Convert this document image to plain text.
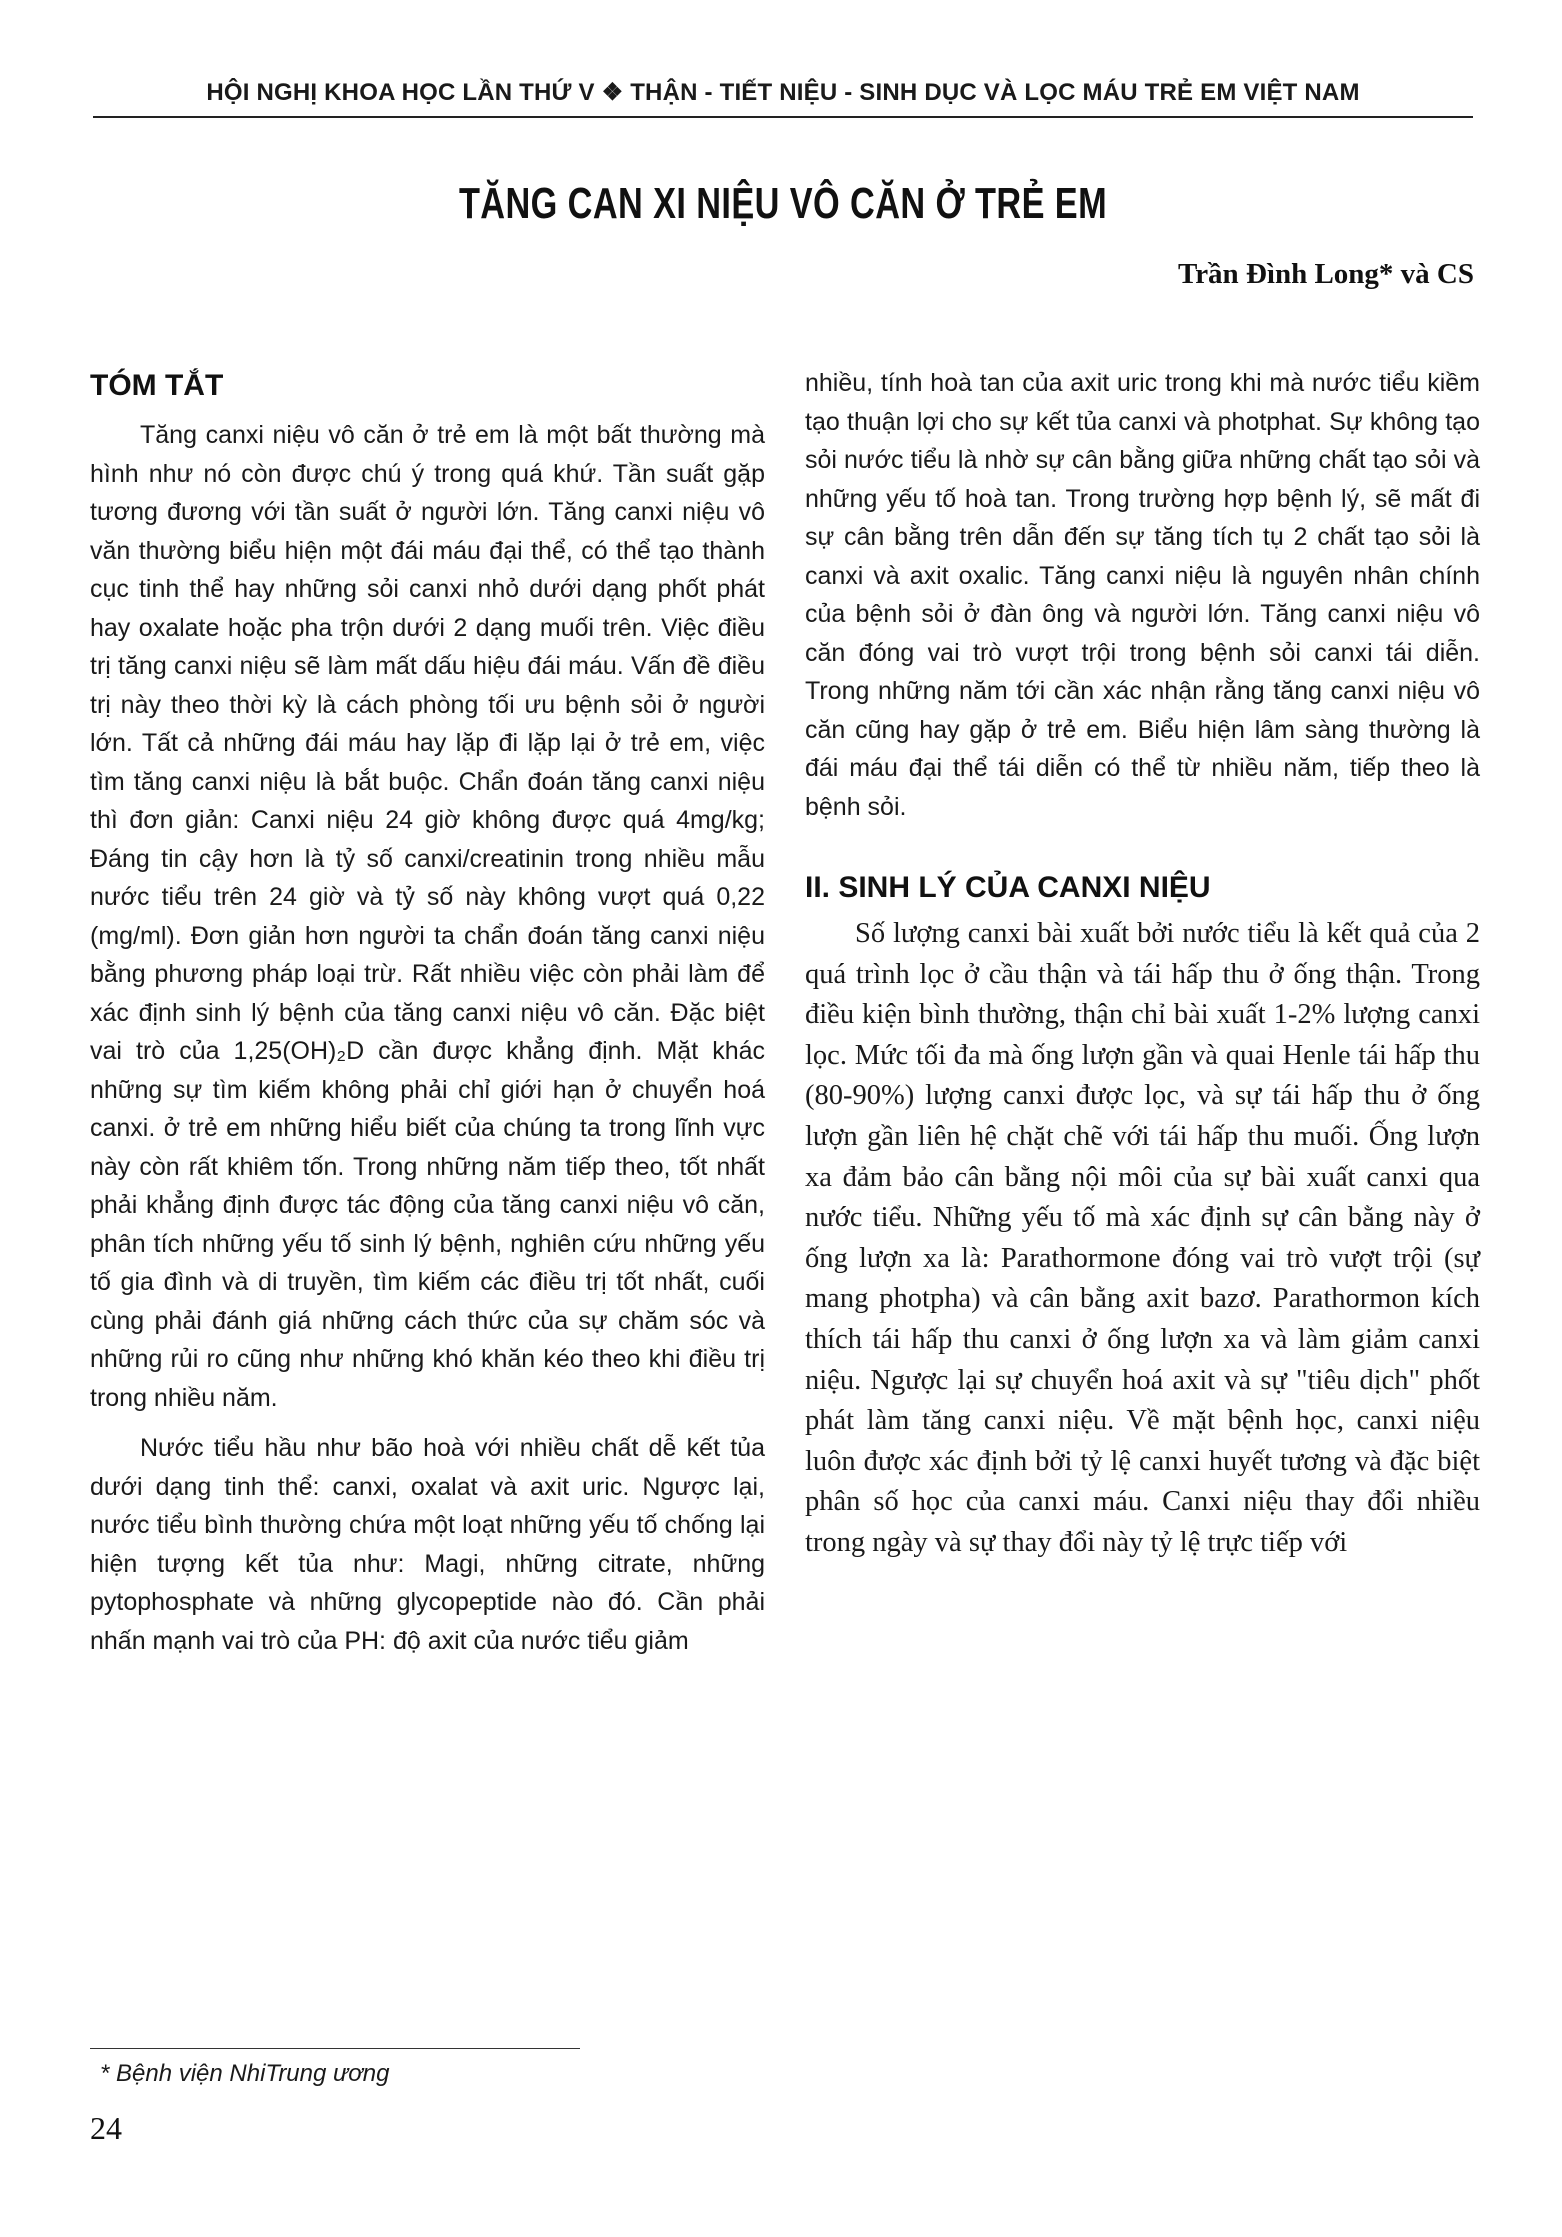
HỘI NGHỊ KHOA HỌC LẦN THỨ V ❖ THẬN - TIẾT NIỆU - SINH DỤC VÀ LỌC MÁU TRẺ EM VIỆT NAM
TĂNG CAN XI NIỆU VÔ CĂN Ở TRẺ EM
Trần Đình Long* và CS
TÓM TẮT

Tăng canxi niệu vô căn ở trẻ em là một bất thường mà hình như nó còn được chú ý trong quá khứ. Tần suất gặp tương đương với tần suất ở người lớn. Tăng canxi niệu vô văn thường biểu hiện một đái máu đại thể, có thể tạo thành cục tinh thể hay những sỏi canxi nhỏ dưới dạng phốt phát hay oxalate hoặc pha trộn dưới 2 dạng muối trên. Việc điều trị tăng canxi niệu sẽ làm mất dấu hiệu đái máu. Vấn đề điều trị này theo thời kỳ là cách phòng tối ưu bệnh sỏi ở người lớn. Tất cả những đái máu hay lặp đi lặp lại ở trẻ em, việc tìm tăng canxi niệu là bắt buộc. Chẩn đoán tăng canxi niệu thì đơn giản: Canxi niệu 24 giờ không được quá 4mg/kg; Đáng tin cậy hơn là tỷ số canxi/creatinin trong nhiều mẫu nước tiểu trên 24 giờ và tỷ số này không vượt quá 0,22 (mg/ml). Đơn giản hơn người ta chẩn đoán tăng canxi niệu bằng phương pháp loại trừ. Rất nhiều việc còn phải làm để xác định sinh lý bệnh của tăng canxi niệu vô căn. Đặc biệt vai trò của 1,25(OH)₂D cần được khẳng định. Mặt khác những sự tìm kiếm không phải chỉ giới hạn ở chuyển hoá canxi. ở trẻ em những hiểu biết của chúng ta trong lĩnh vực này còn rất khiêm tốn. Trong những năm tiếp theo, tốt nhất phải khẳng định được tác động của tăng canxi niệu vô căn, phân tích những yếu tố sinh lý bệnh, nghiên cứu những yếu tố gia đình và di truyền, tìm kiếm các điều trị tốt nhất, cuối cùng phải đánh giá những cách thức của sự chăm sóc và những rủi ro cũng như những khó khăn kéo theo khi điều trị trong nhiều năm.

Nước tiểu hầu như bão hoà với nhiều chất dễ kết tủa dưới dạng tinh thể: canxi, oxalat và axit uric. Ngược lại, nước tiểu bình thường chứa một loạt những yếu tố chống lại hiện tượng kết tủa như: Magi, những citrate, những pytophosphate và những glycopeptide nào đó. Cần phải nhấn mạnh vai trò của PH: độ axit của nước tiểu giảm

nhiều, tính hoà tan của axit uric trong khi mà nước tiểu kiềm tạo thuận lợi cho sự kết tủa canxi và photphat. Sự không tạo sỏi nước tiểu là nhờ sự cân bằng giữa những chất tạo sỏi và những yếu tố hoà tan. Trong trường hợp bệnh lý, sẽ mất đi sự cân bằng trên dẫn đến sự tăng tích tụ 2 chất tạo sỏi là canxi và axit oxalic. Tăng canxi niệu là nguyên nhân chính của bệnh sỏi ở đàn ông và người lớn. Tăng canxi niệu vô căn đóng vai trò vượt trội trong bệnh sỏi canxi tái diễn. Trong những năm tới cần xác nhận rằng tăng canxi niệu vô căn cũng hay gặp ở trẻ em. Biểu hiện lâm sàng thường là đái máu đại thể tái diễn có thể từ nhiều năm, tiếp theo là bệnh sỏi.

II. SINH LÝ CỦA CANXI NIỆU

Số lượng canxi bài xuất bởi nước tiểu là kết quả của 2 quá trình lọc ở cầu thận và tái hấp thu ở ống thận. Trong điều kiện bình thường, thận chỉ bài xuất 1-2% lượng canxi lọc. Mức tối đa mà ống lượn gần và quai Henle tái hấp thu (80-90%) lượng canxi được lọc, và sự tái hấp thu ở ống lượn gần liên hệ chặt chẽ với tái hấp thu muối. Ống lượn xa đảm bảo cân bằng nội môi của sự bài xuất canxi qua nước tiểu. Những yếu tố mà xác định sự cân bằng này ở ống lượn xa là: Parathormone đóng vai trò vượt trội (sự mang photpha) và cân bằng axit bazơ. Parathormon kích thích tái hấp thu canxi ở ống lượn xa và làm giảm canxi niệu. Ngược lại sự chuyển hoá axit và sự "tiêu dịch" phốt phát làm tăng canxi niệu. Về mặt bệnh học, canxi niệu luôn được xác định bởi tỷ lệ canxi huyết tương và đặc biệt phân số học của canxi máu. Canxi niệu thay đổi nhiều trong ngày và sự thay đổi này tỷ lệ trực tiếp với

* Bệnh viện NhiTrung ương
24
